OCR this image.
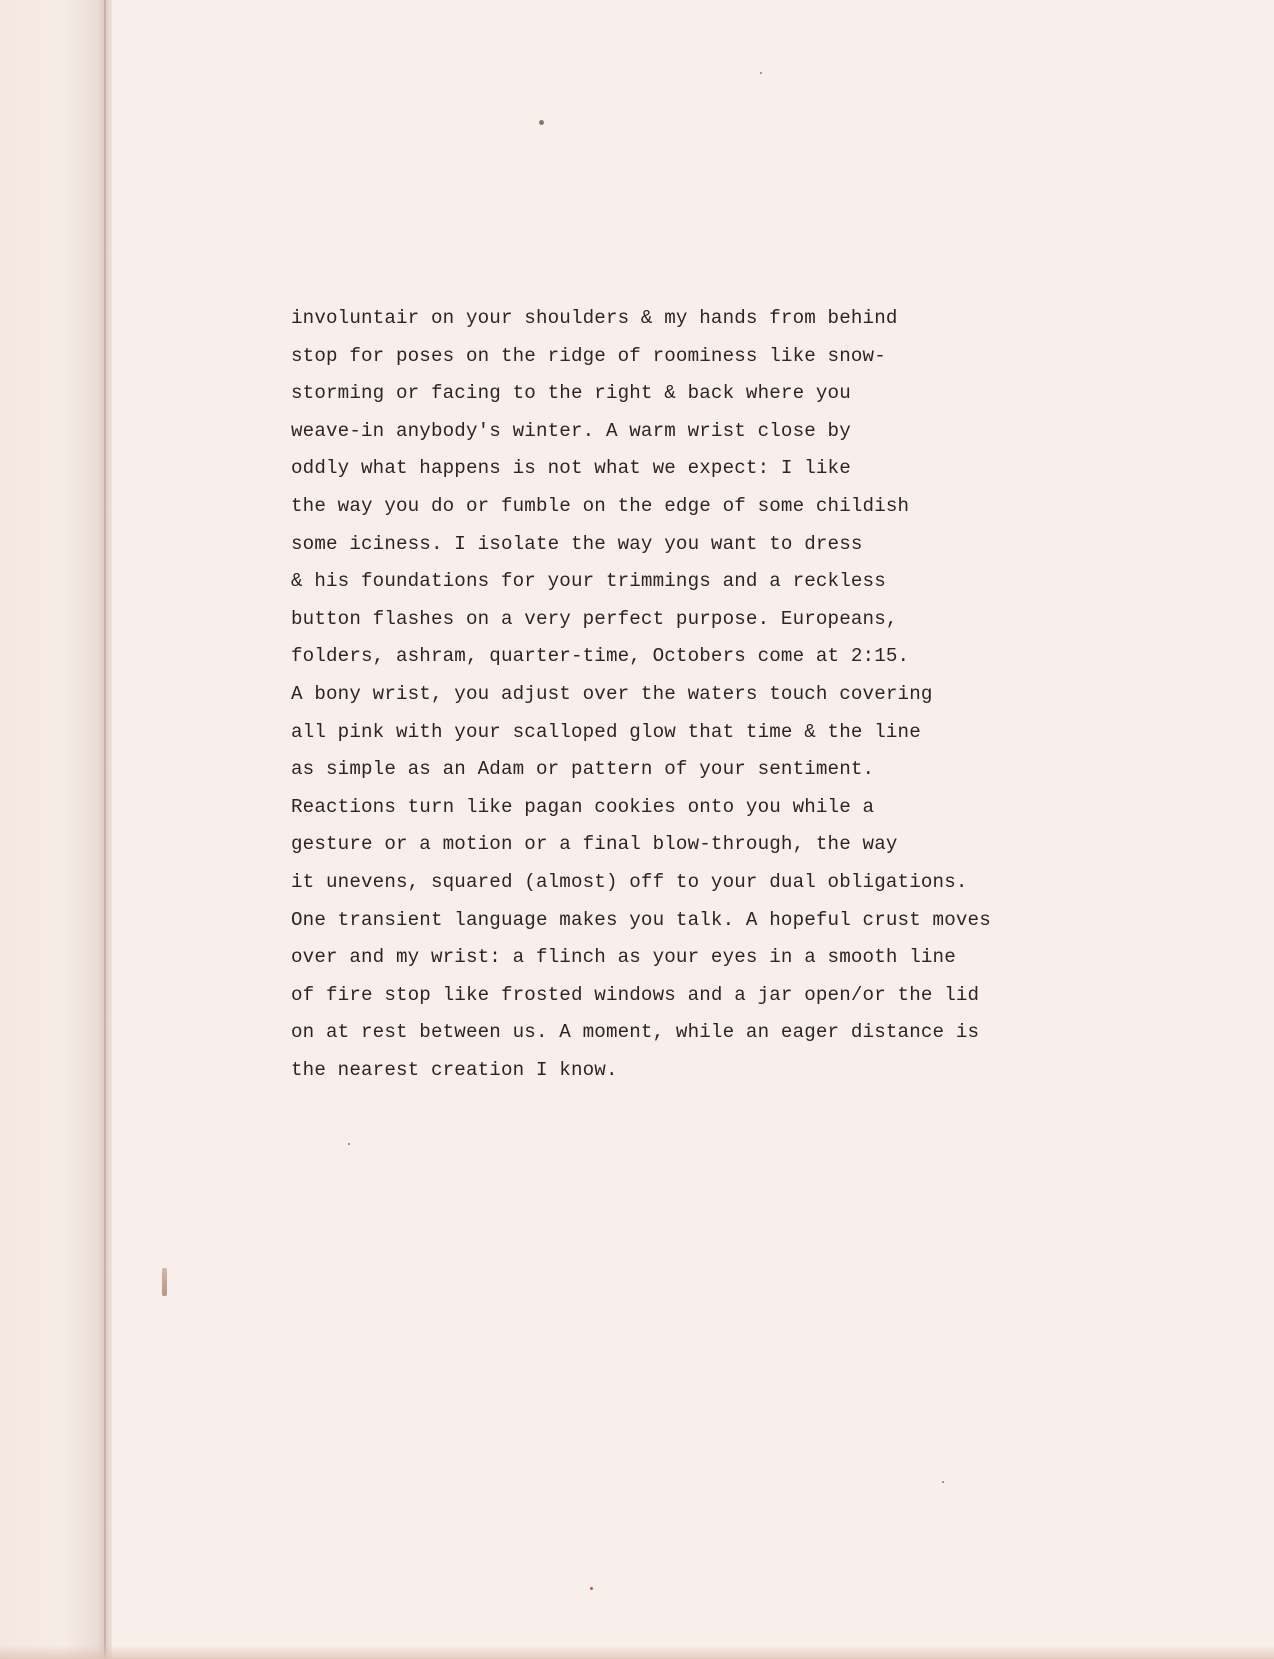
involuntair on your shoulders & my hands from behind
stop for poses on the ridge of roominess like snow-
storming or facing to the right & back where you
weave-in anybody's winter. A warm wrist close by
oddly what happens is not what we expect: I like
the way you do or fumble on the edge of some childish
some iciness. I isolate the way you want to dress
& his foundations for your trimmings and a reckless
button flashes on a very perfect purpose. Europeans,
folders, ashram, quarter-time, Octobers come at 2:15.
A bony wrist, you adjust over the waters touch covering
all pink with your scalloped glow that time & the line
as simple as an Adam or pattern of your sentiment.
Reactions turn like pagan cookies onto you while a
gesture or a motion or a final blow-through, the way
it unevens, squared (almost) off to your dual obligations.
One transient language makes you talk. A hopeful crust moves
over and my wrist: a flinch as your eyes in a smooth line
of fire stop like frosted windows and a jar open/or the lid
on at rest between us. A moment, while an eager distance is
the nearest creation I know.
